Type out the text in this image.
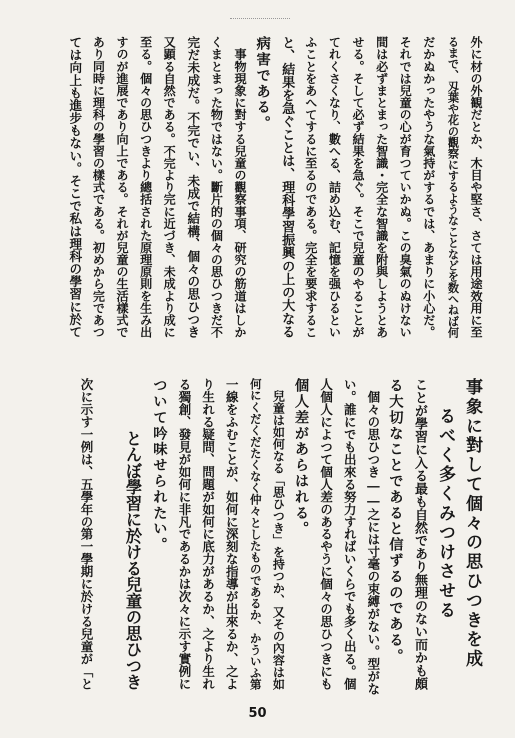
外に材の外観だとか、木目や堅さ、さては用途效用に至
るまで、刄葉や花の觀察にするようなことなどを数へねば何
だかぬかったやうな氣持がするでは、あまりに小心だ。
それでは兒童の心が育つていかぬ。この臭氣のぬけない
間は必ずまとまった智識・完全な智識を附與しようとあ
せる。そして必ず結果を急ぐ。そこで兒童のやることが
てれくさくなり、數へる、詰め込む、記憶を强ひるとい
ふことをあへてするに至るのである。完全を要求するこ
と、結果を急ぐことは、理科學習振興の上の大なる
病害である。
　事物現象に對する兒童の觀察事項、研究の筋道はしか
くまとまった物ではない。斷片的の個々の思ひつきだ不
完だ未成だ。不完でい、未成で結構、個々の思ひつき
又顕る自然である。不完より完に近づき、未成より成に
至る。個々の思ひつきより總括された原理原則を生み出
すのが進展であり向上である。それが兒童の生活樣式で
あり同時に理科の學習の樣式である。初めから完であつ
ては向上も進步もない。そこで私は理科の學習に於て
事象に對して個々の思ひつきを成
るべく多くみつけさせる
ことが學習に入る最も自然であり無理のない而かも頗
る大切なことであると信ずるのである。
　個々の思ひつき――之には寸毫の束縛がない。型がな
い。誰にでも出來る努力すればいくらでも多く出る。個
人個人によつて個人差のあるやうに個々の思ひつきにも
個人差があらはれる。
　兒童は如何なる「思ひつき」を持つか、又その內容は如
何にくだくだたくなく仲々としたものであるか、かういふ第
一線をふむことが、如何に深刻な指導が出來るか、之よ
り生れる疑問、問題が如何に底力があるか、之より生れ
る獨創、發見が如何に非凡であるかは次々に示す實例に
ついて吟味せられたい。
とんぼ學習に於ける兒童の思ひつき
次に示す一例は、五學年の第一學期に於ける兒童が「と
50
